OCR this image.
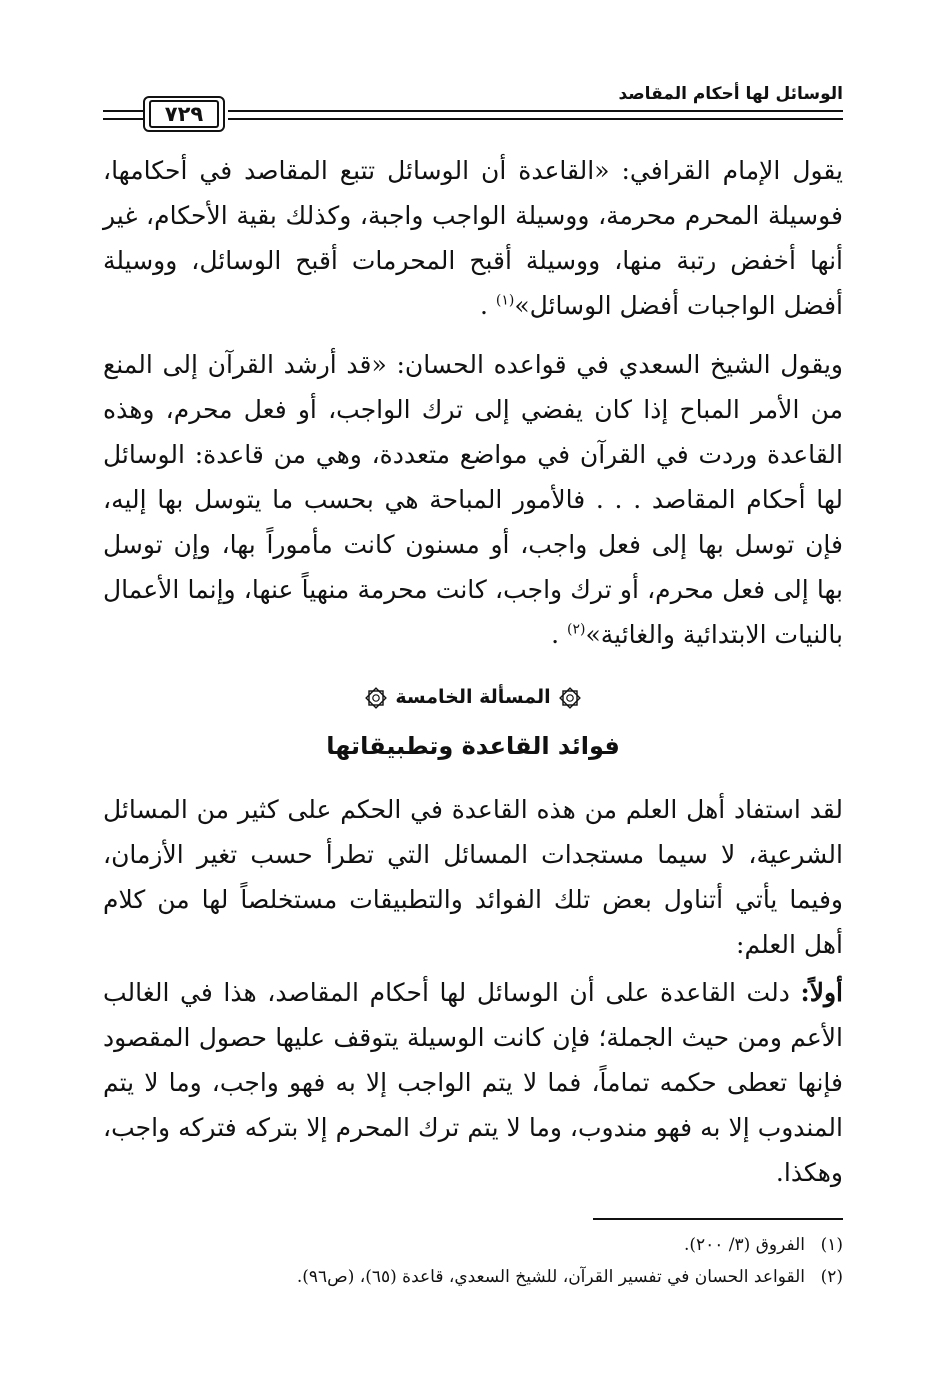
الوسائل لها أحكام المقاصد
٧٢٩

يقول الإمام القرافي: «القاعدة أن الوسائل تتبع المقاصد في أحكامها، فوسيلة المحرم محرمة، ووسيلة الواجب واجبة، وكذلك بقية الأحكام، غير أنها أخفض رتبة منها، ووسيلة أقبح المحرمات أقبح الوسائل، ووسيلة أفضل الواجبات أفضل الوسائل»$^{(١)}$ .

ويقول الشيخ السعدي في قواعده الحسان: «قد أرشد القرآن إلى المنع من الأمر المباح إذا كان يفضي إلى ترك الواجب، أو فعل محرم، وهذه القاعدة وردت في القرآن في مواضع متعددة، وهي من قاعدة: الوسائل لها أحكام المقاصد . . . فالأمور المباحة هي بحسب ما يتوسل بها إليه، فإن توسل بها إلى فعل واجب، أو مسنون كانت مأموراً بها، وإن توسل بها إلى فعل محرم، أو ترك واجب، كانت محرمة منهياً عنها، وإنما الأعمال بالنيات الابتدائية والغائية»$^{(٢)}$ .

المسألة الخامسة
فوائد القاعدة وتطبيقاتها

لقد استفاد أهل العلم من هذه القاعدة في الحكم على كثير من المسائل الشرعية، لا سيما مستجدات المسائل التي تطرأ حسب تغير الأزمان، وفيما يأتي أتناول بعض تلك الفوائد والتطبيقات مستخلصاً لها من كلام أهل العلم:

أولاً: دلت القاعدة على أن الوسائل لها أحكام المقاصد، هذا في الغالب الأعم ومن حيث الجملة؛ فإن كانت الوسيلة يتوقف عليها حصول المقصود فإنها تعطى حكمه تماماً، فما لا يتم الواجب إلا به فهو واجب، وما لا يتم المندوب إلا به فهو مندوب، وما لا يتم ترك المحرم إلا بتركه فتركه واجب، وهكذا.

(١)الفروق (٣/ ٢٠٠).

(٢)القواعد الحسان في تفسير القرآن، للشيخ السعدي، قاعدة (٦٥)، (ص٩٦).
